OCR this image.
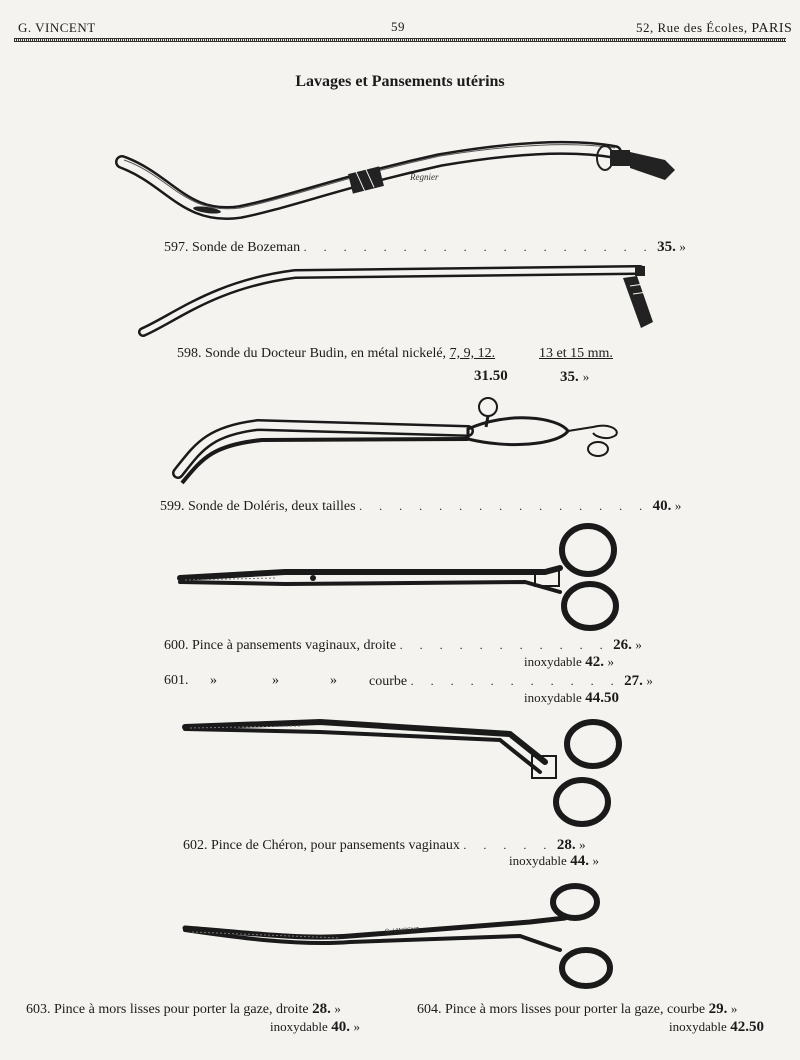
G. VINCENT	59	52, Rue des Écoles, PARIS
Lavages et Pansements utérins
Regnier
597. Sonde de Bozeman . . . . . . . . . . . . . . . . . . 35. »
598. Sonde du Docteur Budin, en métal nickelé, 7, 9, 12.	13 et 15 mm.
31.50	35. »
599. Sonde de Doléris, deux tailles . . . . . . . . . . . . . . . 40. »
600. Pince à pansements vaginaux, droite . . . . . . . . . . . 26. »
inoxydable 42. »
601. »	»	» courbe . . . . . . . . . . . 27. »
inoxydable 44.50
602. Pince de Chéron, pour pansements vaginaux . . . . . 28. »
inoxydable 44. »
G. VINCENT
603. Pince à mors lisses pour porter la gaze, droite 28. »
inoxydable 40. »
604. Pince à mors lisses pour porter la gaze, courbe 29. »
inoxydable 42.50
